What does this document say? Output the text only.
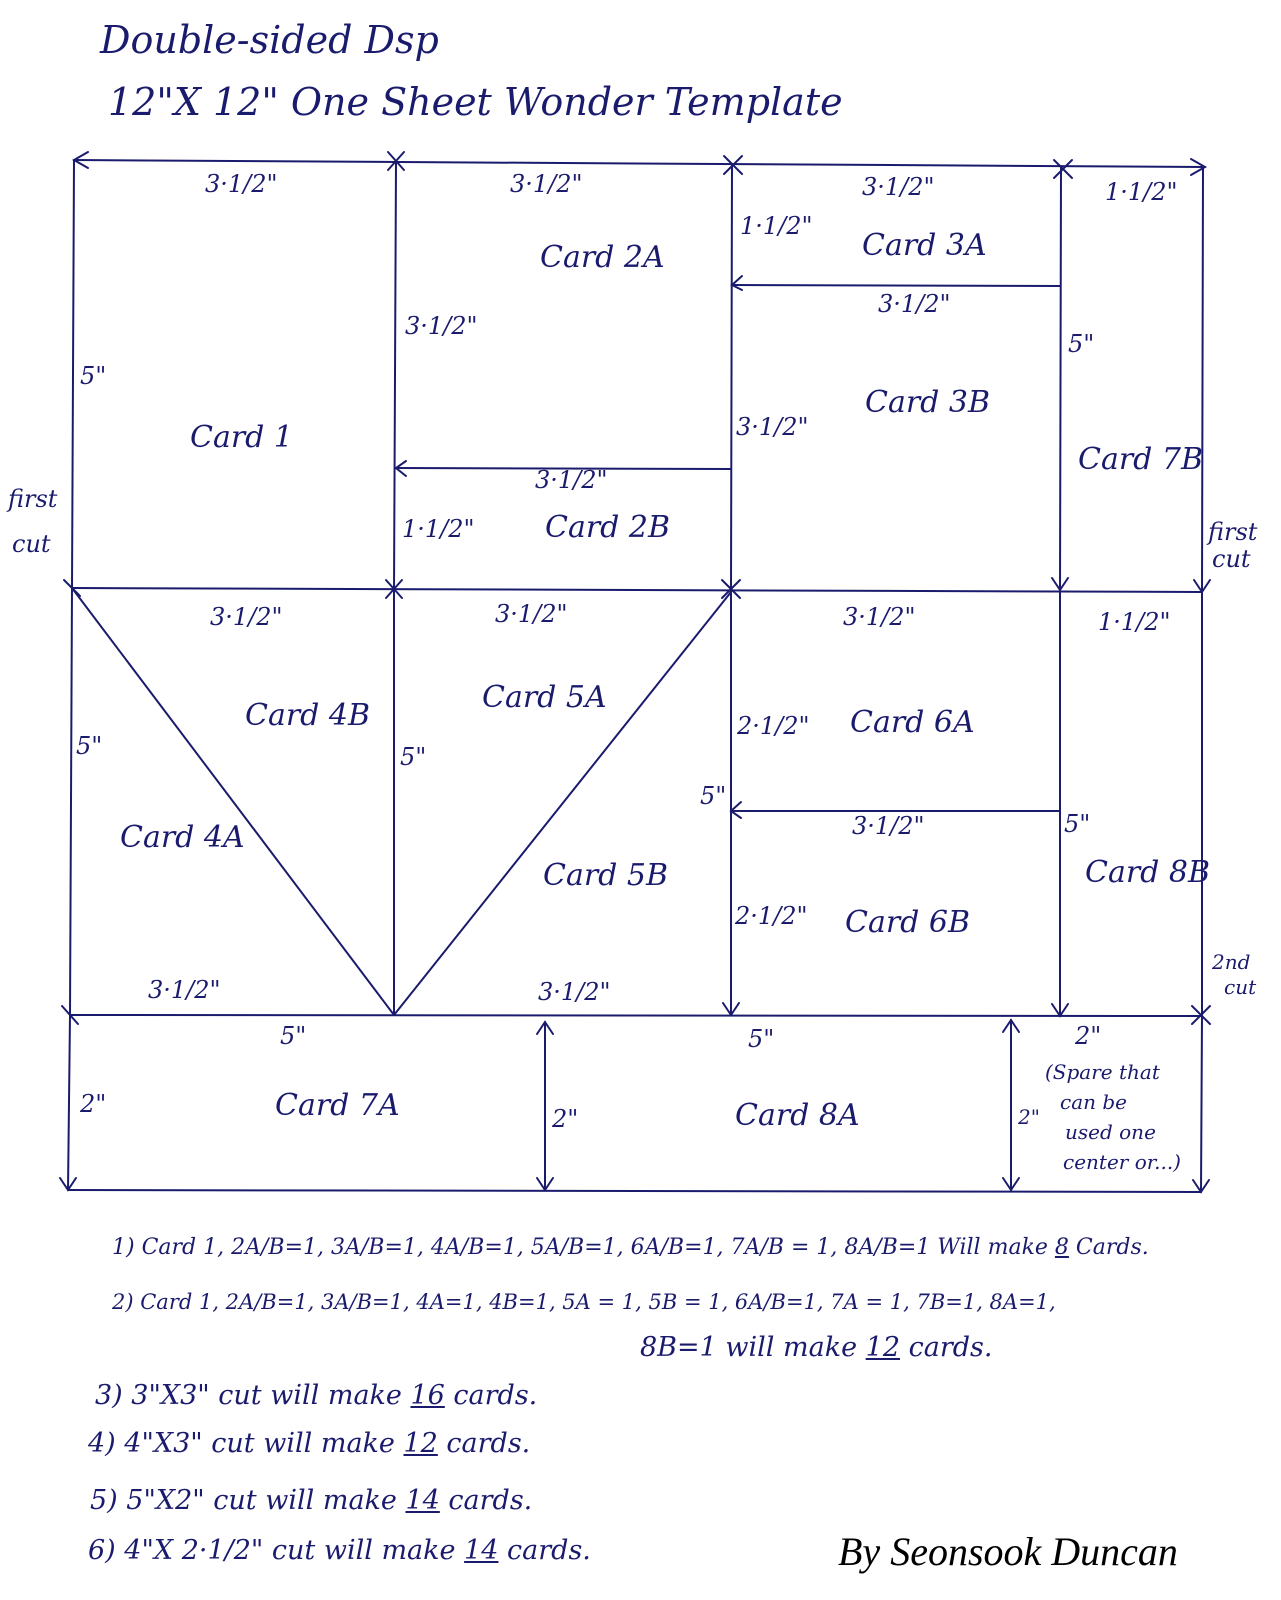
Double-sided Dsp
12"X 12" One Sheet Wonder Template
first
cut	first
cut
2nd
cut
3·1/2"	3·1/2"	3·1/2"	1·1/2"
5"
3·1/2"
3·1/2"
1·1/2"
1·1/2"
3·1/2"
3·1/2"
5"
3·1/2"	3·1/2"	3·1/2"	1·1/2"
5"	5"
5"
2·1/2"
3·1/2"
2·1/2"
5"
3·1/2"	3·1/2"
5"
2"
5"
2"
2"
2"
Card 1
Card 2A
Card 2B
Card 3A
Card 3B
Card 7B
Card 4B
Card 4A
Card 5A
Card 5B
Card 6A
Card 6B
Card 8B
Card 7A	Card 8A
(Spare that
can be
used one
center or...)
1) Card 1, 2A/B=1, 3A/B=1, 4A/B=1, 5A/B=1, 6A/B=1, 7A/B = 1, 8A/B=1 Will make 8 Cards.
2) Card 1, 2A/B=1, 3A/B=1, 4A=1, 4B=1, 5A = 1, 5B = 1, 6A/B=1, 7A = 1, 7B=1, 8A=1,
8B=1 will make 12 cards.
3) 3"X3" cut will make 16 cards.
4) 4"X3" cut will make 12 cards.
5) 5"X2" cut will make 14 cards.
6) 4"X 2·1/2" cut will make 14 cards.	By Seonsook Duncan
